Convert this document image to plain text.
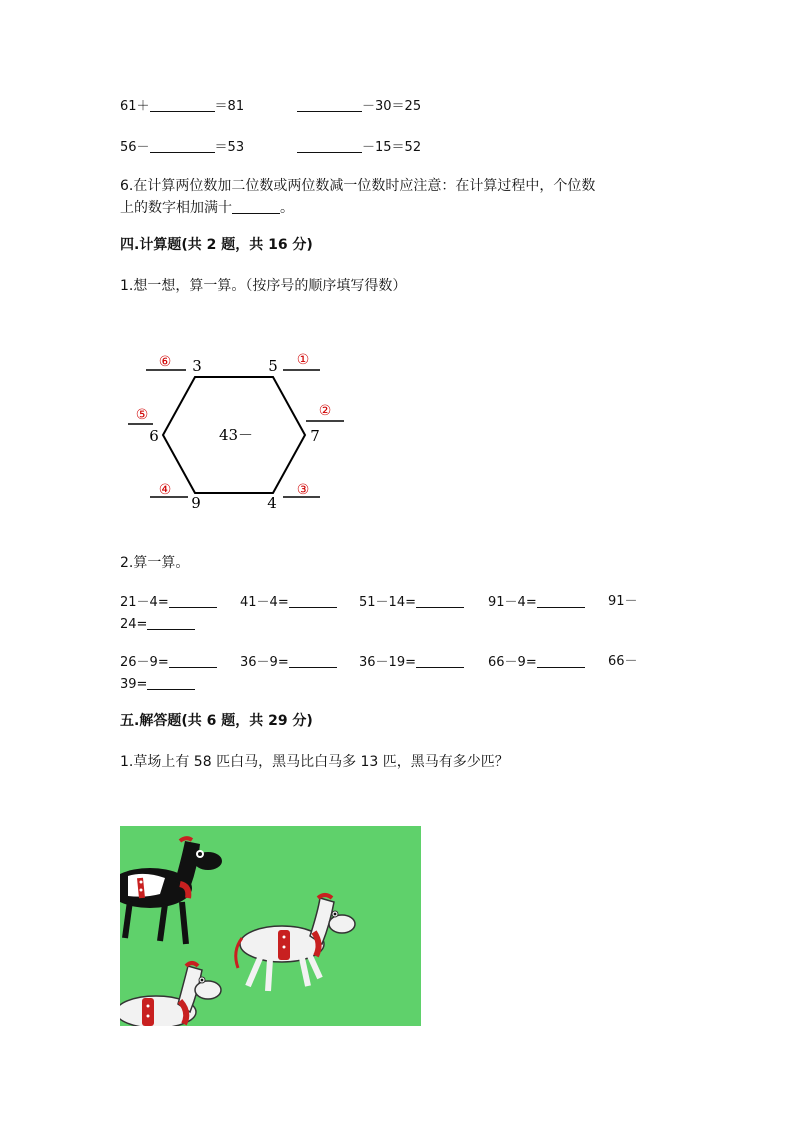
61＋	＝81	－30＝25
56－	＝53	－15＝52
6.在计算两位数加二位数或两位数减一位数时应注意：在计算过程中，个位数
上的数字相加满十	。
四.计算题(共 2 题，共 16 分)
1.想一想，算一算。（按序号的顺序填写得数）
⑥	①
②
③
④
⑤
3	5
7
4
9
6	43－
2.算一算。
21－4=	41－4=	51－14=	91－4=	91－
24=
26－9=	36－9=	36－19=	66－9=	66－
39=
五.解答题(共 6 题，共 29 分)
1.草场上有 58 匹白马，黑马比白马多 13 匹，黑马有多少匹？
